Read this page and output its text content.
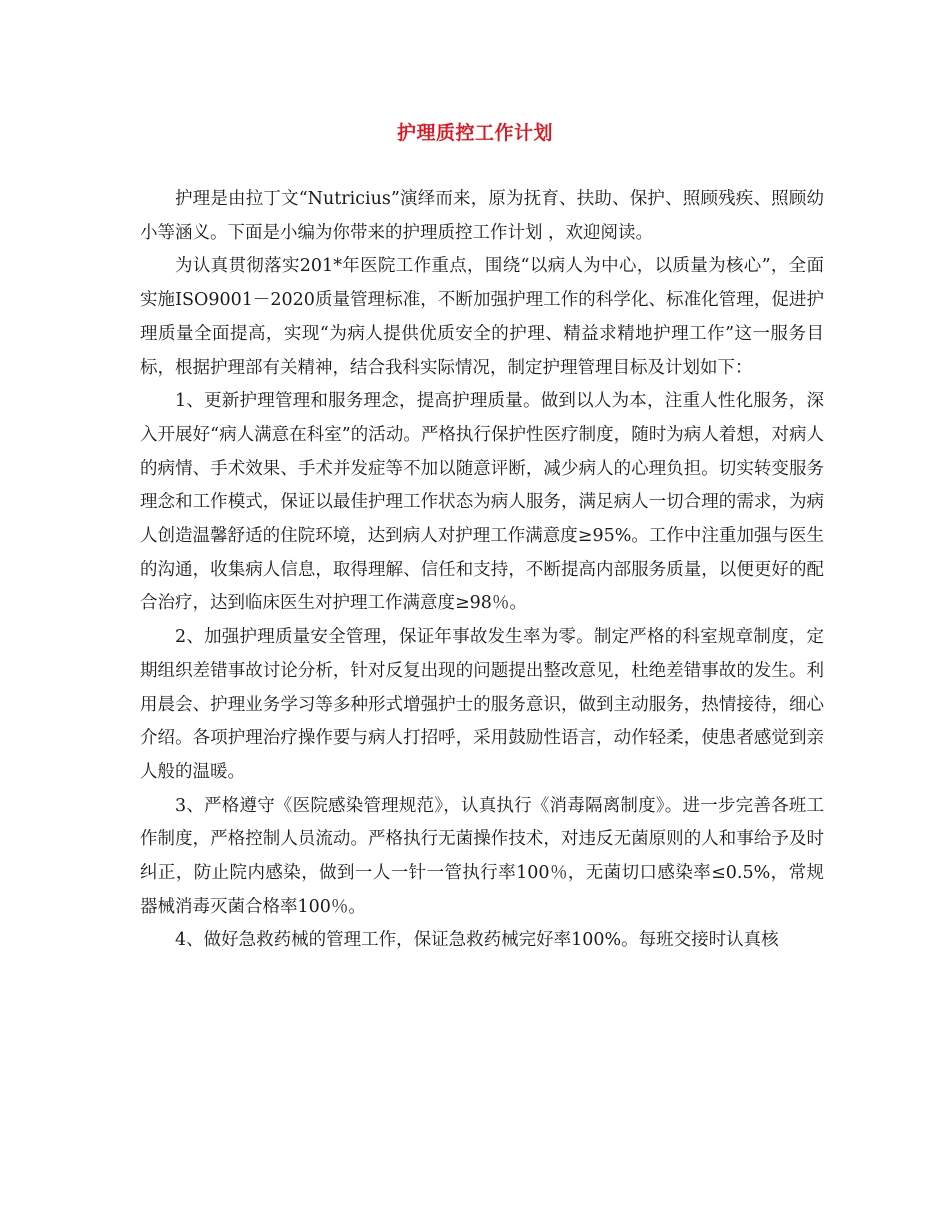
护理质控工作计划

护理是由拉丁文“Nutricius”演绎而来，原为抚育、扶助、保护、照顾残疾、照顾幼小等涵义。下面是小编为你带来的护理质控工作计划 ，欢迎阅读。

为认真贯彻落实201*年医院工作重点，围绕“以病人为中心，以质量为核心”，全面实施ISO9001－2020质量管理标准，不断加强护理工作的科学化、标准化管理，促进护理质量全面提高，实现“为病人提供优质安全的护理、精益求精地护理工作”这一服务目标，根据护理部有关精神，结合我科实际情况，制定护理管理目标及计划如下：

1、更新护理管理和服务理念，提高护理质量。做到以人为本，注重人性化服务，深入开展好“病人满意在科室”的活动。严格执行保护性医疗制度，随时为病人着想，对病人的病情、手术效果、手术并发症等不加以随意评断，减少病人的心理负担。切实转变服务理念和工作模式，保证以最佳护理工作状态为病人服务，满足病人一切合理的需求，为病人创造温馨舒适的住院环境，达到病人对护理工作满意度≥95%。工作中注重加强与医生的沟通，收集病人信息，取得理解、信任和支持，不断提高内部服务质量，以便更好的配合治疗，达到临床医生对护理工作满意度≥98％。

2、加强护理质量安全管理，保证年事故发生率为零。制定严格的科室规章制度，定期组织差错事故讨论分析，针对反复出现的问题提出整改意见，杜绝差错事故的发生。利用晨会、护理业务学习等多种形式增强护士的服务意识，做到主动服务，热情接待，细心介绍。各项护理治疗操作要与病人打招呼，采用鼓励性语言，动作轻柔，使患者感觉到亲人般的温暖。

3、严格遵守《医院感染管理规范》，认真执行《消毒隔离制度》。进一步完善各班工作制度，严格控制人员流动。严格执行无菌操作技术，对违反无菌原则的人和事给予及时纠正，防止院内感染，做到一人一针一管执行率100％，无菌切口感染率≤0.5%，常规器械消毒灭菌合格率100％。

4、做好急救药械的管理工作，保证急救药械完好率100%。每班交接时认真核
